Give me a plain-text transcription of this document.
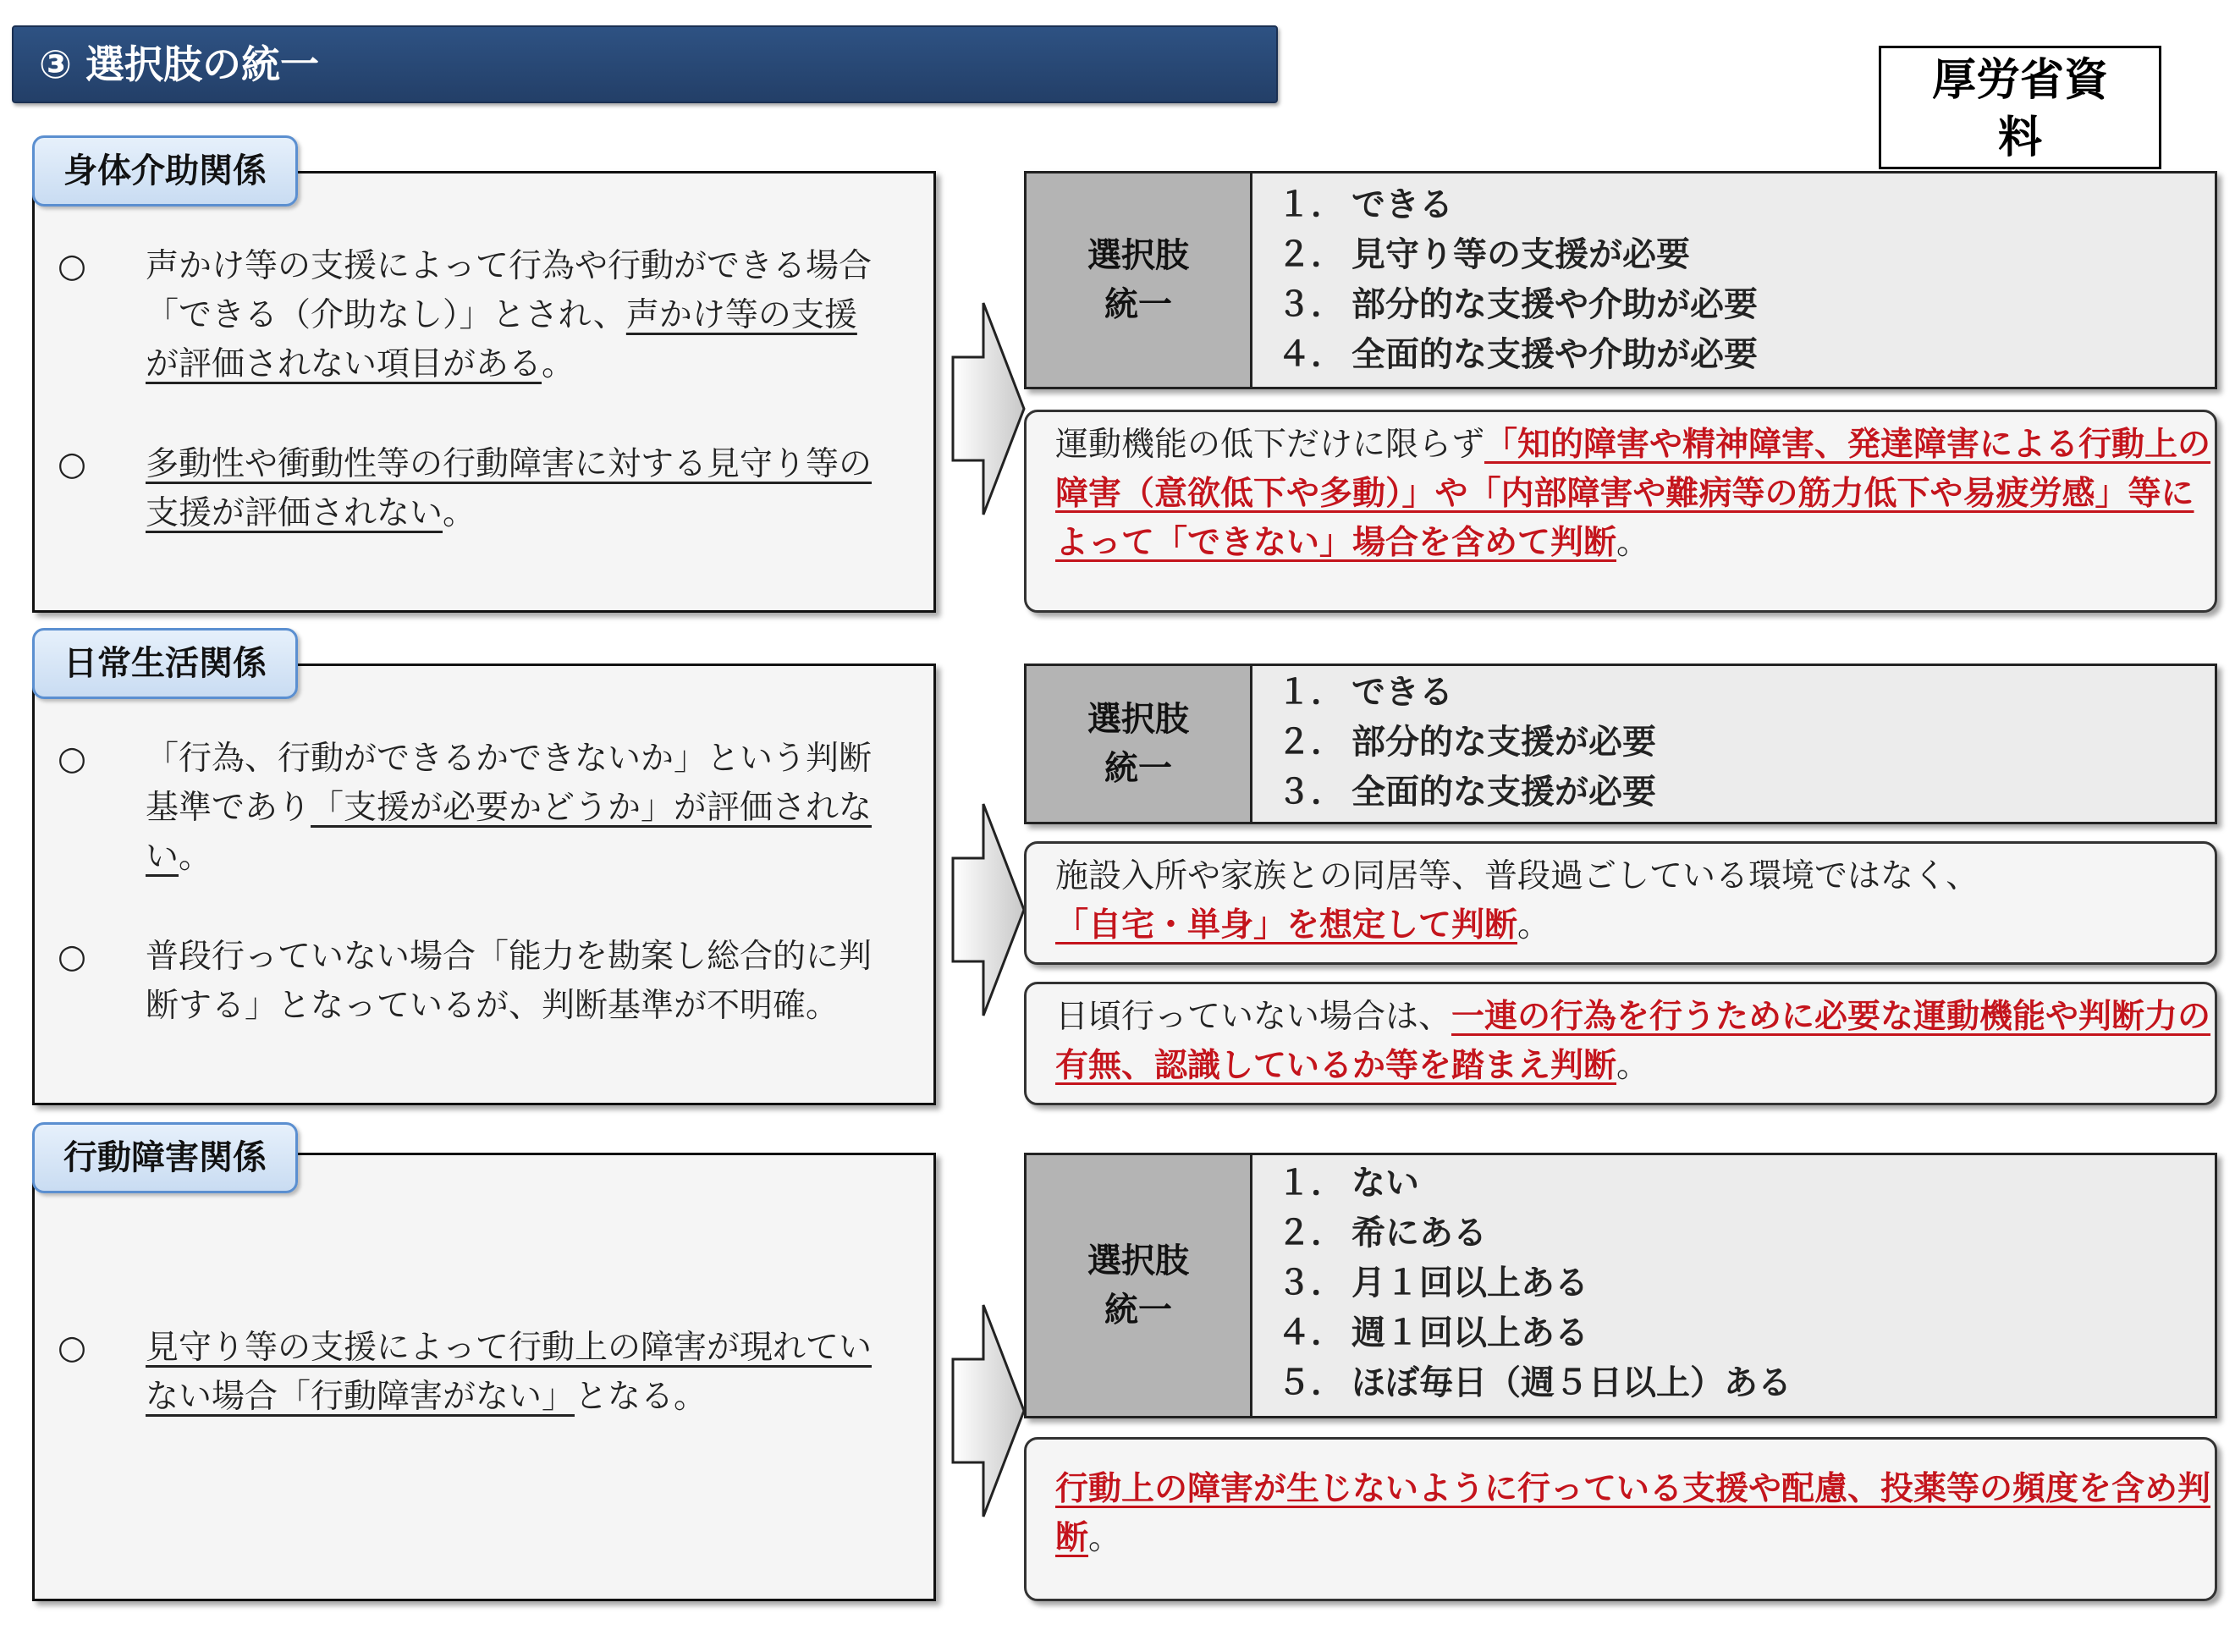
③ 選択肢の統一	厚労省資
料
身体介助関係
○ 声かけ等の支援によって行為や行動ができる場合「できる（介助なし）」とされ、声かけ等の支援が評価されない項目がある。
○ 多動性や衝動性等の行動障害に対する見守り等の支援が評価されない。
選択肢
統一
１． できる
２． 見守り等の支援が必要
３． 部分的な支援や介助が必要
４． 全面的な支援や介助が必要
運動機能の低下だけに限らず「知的障害や精神障害、発達障害による行動上の障害（意欲低下や多動）」や「内部障害や難病等の筋力低下や易疲労感」等によって「できない」場合を含めて判断。
日常生活関係
○ 「行為、行動ができるかできないか」という判断基準であり「支援が必要かどうか」が評価されない。
○ 普段行っていない場合「能力を勘案し総合的に判断する」となっているが、判断基準が不明確。
選択肢
統一
１． できる
２． 部分的な支援が必要
３． 全面的な支援が必要
施設入所や家族との同居等、普段過ごしている環境ではなく、
「自宅・単身」を想定して判断。
日頃行っていない場合は、一連の行為を行うために必要な運動機能や判断力の有無、認識しているか等を踏まえ判断。
行動障害関係
○ 見守り等の支援によって行動上の障害が現れていない場合「行動障害がない」となる。
選択肢
統一
１． ない
２． 希にある
３． 月１回以上ある
４． 週１回以上ある
５． ほぼ毎日（週５日以上）ある
行動上の障害が生じないように行っている支援や配慮、投薬等の頻度を含め判断。
